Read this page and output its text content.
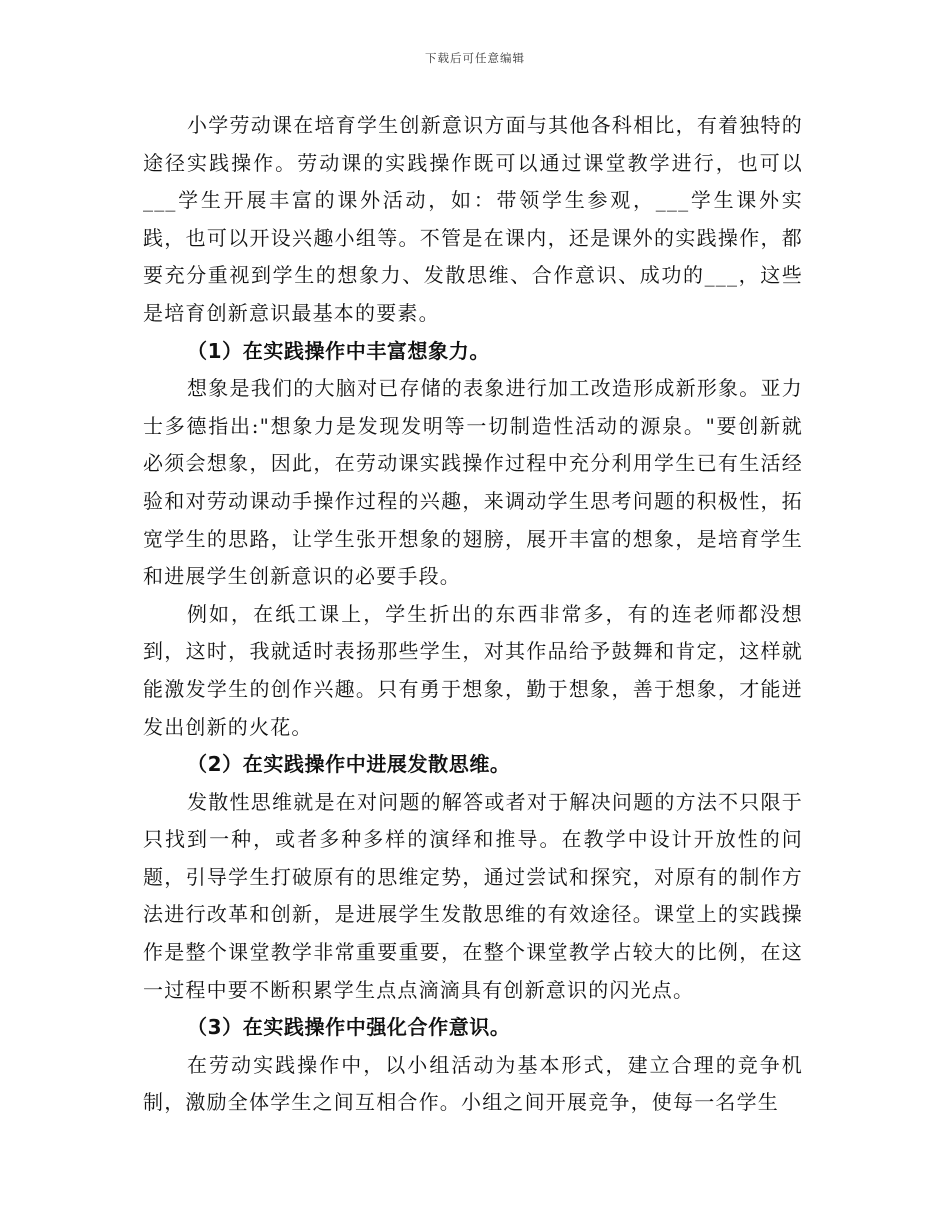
下载后可任意编辑

小学劳动课在培育学生创新意识方面与其他各科相比，有着独特的途径实践操作。劳动课的实践操作既可以通过课堂教学进行，也可以___学生开展丰富的课外活动，如：带领学生参观，___学生课外实践，也可以开设兴趣小组等。不管是在课内，还是课外的实践操作，都要充分重视到学生的想象力、发散思维、合作意识、成功的___，这些是培育创新意识最基本的要素。

（1）在实践操作中丰富想象力。

想象是我们的大脑对已存储的表象进行加工改造形成新形象。亚力士多德指出:"想象力是发现发明等一切制造性活动的源泉。"要创新就必须会想象，因此，在劳动课实践操作过程中充分利用学生已有生活经验和对劳动课动手操作过程的兴趣，来调动学生思考问题的积极性，拓宽学生的思路，让学生张开想象的翅膀，展开丰富的想象，是培育学生和进展学生创新意识的必要手段。

例如，在纸工课上，学生折出的东西非常多，有的连老师都没想到，这时，我就适时表扬那些学生，对其作品给予鼓舞和肯定，这样就能激发学生的创作兴趣。只有勇于想象，勤于想象，善于想象，才能迸发出创新的火花。

（2）在实践操作中进展发散思维。

发散性思维就是在对问题的解答或者对于解决问题的方法不只限于只找到一种，或者多种多样的演绎和推导。在教学中设计开放性的问题，引导学生打破原有的思维定势，通过尝试和探究，对原有的制作方法进行改革和创新，是进展学生发散思维的有效途径。课堂上的实践操作是整个课堂教学非常重要重要，在整个课堂教学占较大的比例，在这一过程中要不断积累学生点点滴滴具有创新意识的闪光点。

（3）在实践操作中强化合作意识。

在劳动实践操作中，以小组活动为基本形式，建立合理的竞争机制，激励全体学生之间互相合作。小组之间开展竞争，使每一名学生
